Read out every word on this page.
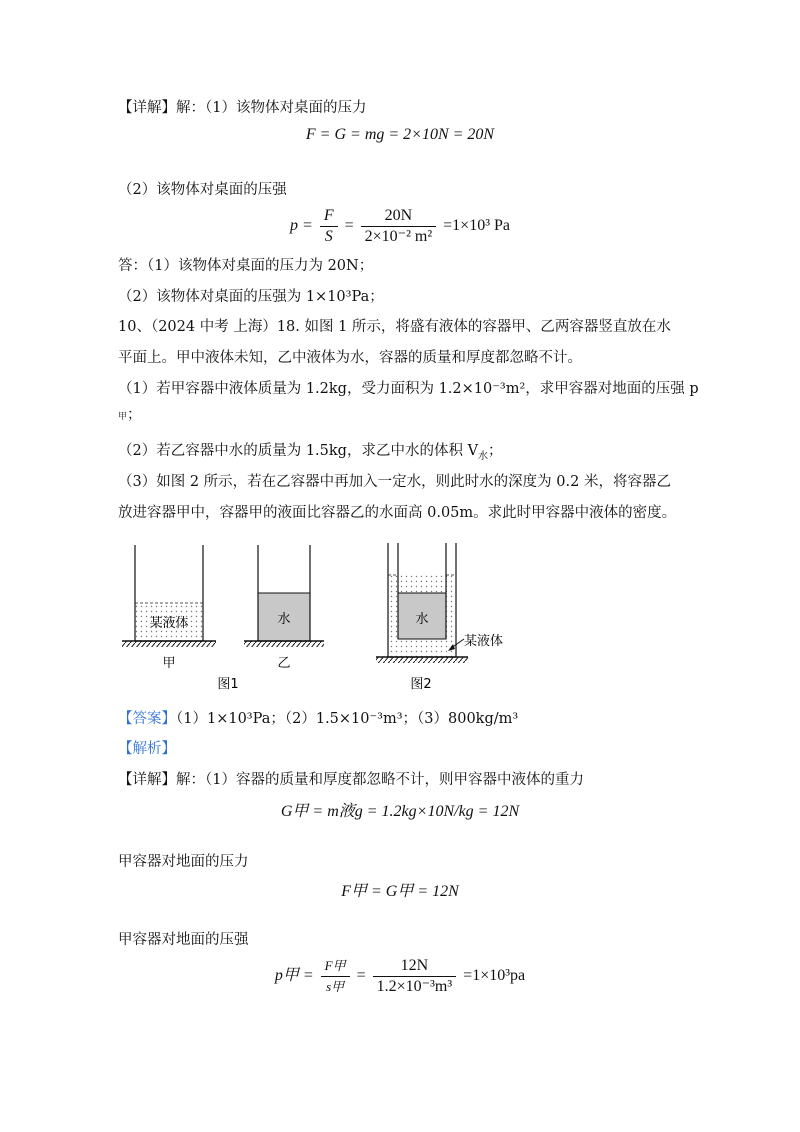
【详解】解：（1）该物体对桌面的压力
F = G = mg = 2×10N = 20N
（2）该物体对桌面的压强
$p = \frac{F}{S} = \frac{20N}{\text{2×10⁻² m²}} =1\times 10^3$ Pa
答：（1）该物体对桌面的压力为 20N；
（2）该物体对桌面的压强为 1×10³Pa；
10、（2024 中考 上海）18. 如图 1 所示，将盛有液体的容器甲、乙两容器竖直放在水
平面上。甲中液体未知，乙中液体为水，容器的质量和厚度都忽略不计。
（1）若甲容器中液体质量为 1.2kg，受力面积为 1.2×10⁻³m²，求甲容器对地面的压强 p
甲；
（2）若乙容器中水的质量为 1.5kg，求乙中水的体积 $V_水$；
（3）如图 2 所示，若在乙容器中再加入一定水，则此时水的深度为 0.2 米，将容器乙
放进容器甲中，容器甲的液面比容器乙的水面高 0.05m。求此时甲容器中液体的密度。
某液体
甲
水
乙
图1
水
某液体
图2
【答案】（1）1×10³Pa；（2）1.5×10⁻³m³；（3）800kg/m³
【解析】
【详解】解：（1）容器的质量和厚度都忽略不计，则甲容器中液体的重力
G甲 = m液g = 1.2kg×10N/kg = 12N
甲容器对地面的压力
F甲 = G甲 = 12N
甲容器对地面的压强
p甲 = $\frac{\text{F甲}}{\text{s甲}} = \frac{12N}{\text{1.2×10⁻³m³}} =1\times 10^3pa$
